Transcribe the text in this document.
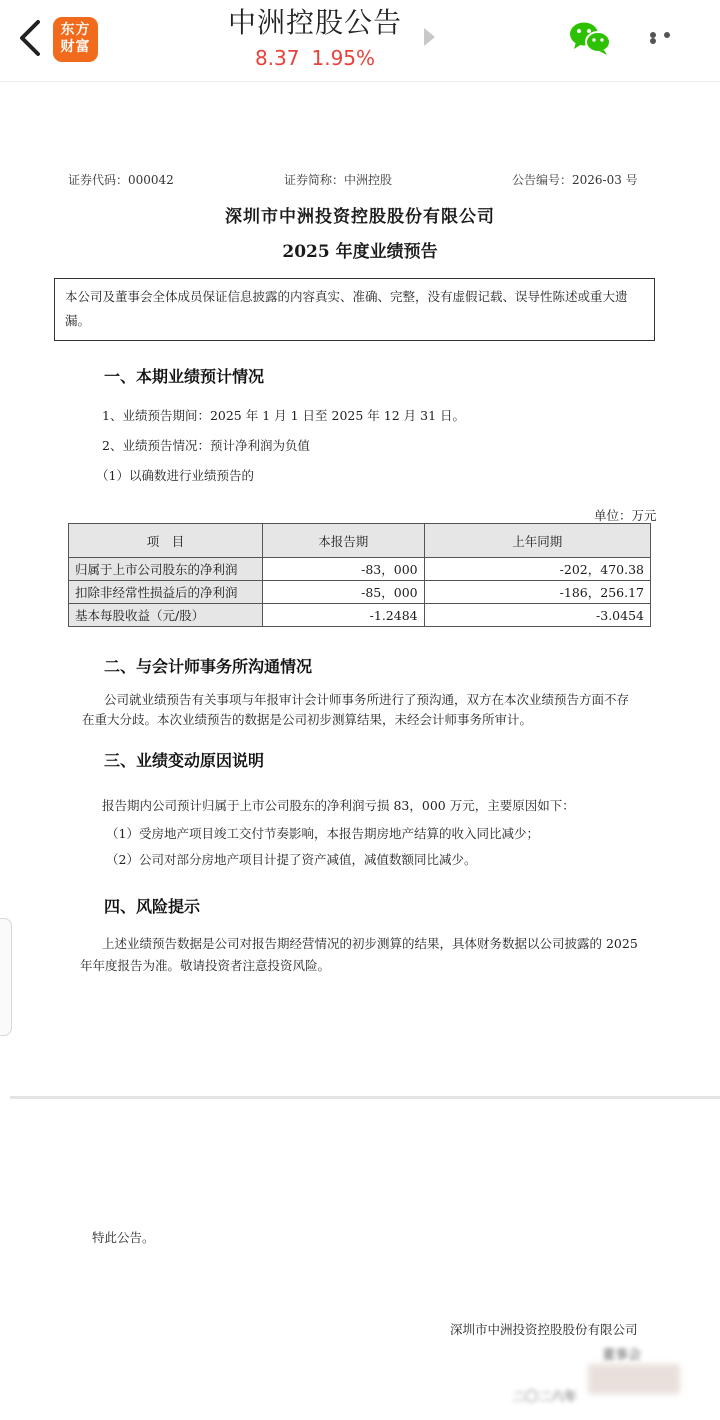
东方
财富
中洲控股公告
8.37 1.95%
证券代码：000042	证券简称：中洲控股	公告编号：2026-03 号
深圳市中洲投资控股股份有限公司
2025 年度业绩预告
本公司及董事会全体成员保证信息披露的内容真实、准确、完整，没有虚假记载、误导性陈述或重大遗
漏。
一、本期业绩预计情况
1、业绩预告期间：2025 年 1 月 1 日至 2025 年 12 月 31 日。
2、业绩预告情况：预计净利润为负值
（1）以确数进行业绩预告的
单位：万元
项　目	本报告期	上年同期
归属于上市公司股东的净利润	-83，000	-202，470.38
扣除非经常性损益后的净利润	-85，000	-186，256.17
基本每股收益（元/股）	-1.2484	-3.0454
二、与会计师事务所沟通情况
公司就业绩预告有关事项与年报审计会计师事务所进行了预沟通，双方在本次业绩预告方面不存
在重大分歧。本次业绩预告的数据是公司初步测算结果，未经会计师事务所审计。
三、业绩变动原因说明
报告期内公司预计归属于上市公司股东的净利润亏损 83，000 万元，主要原因如下：
（1）受房地产项目竣工交付节奏影响，本报告期房地产结算的收入同比减少；
（2）公司对部分房地产项目计提了资产减值，减值数额同比减少。
四、风险提示
上述业绩预告数据是公司对报告期经营情况的初步测算的结果，具体财务数据以公司披露的 2025
年年度报告为准。敬请投资者注意投资风险。
特此公告。
深圳市中洲投资控股股份有限公司
董事会
二〇二六年
